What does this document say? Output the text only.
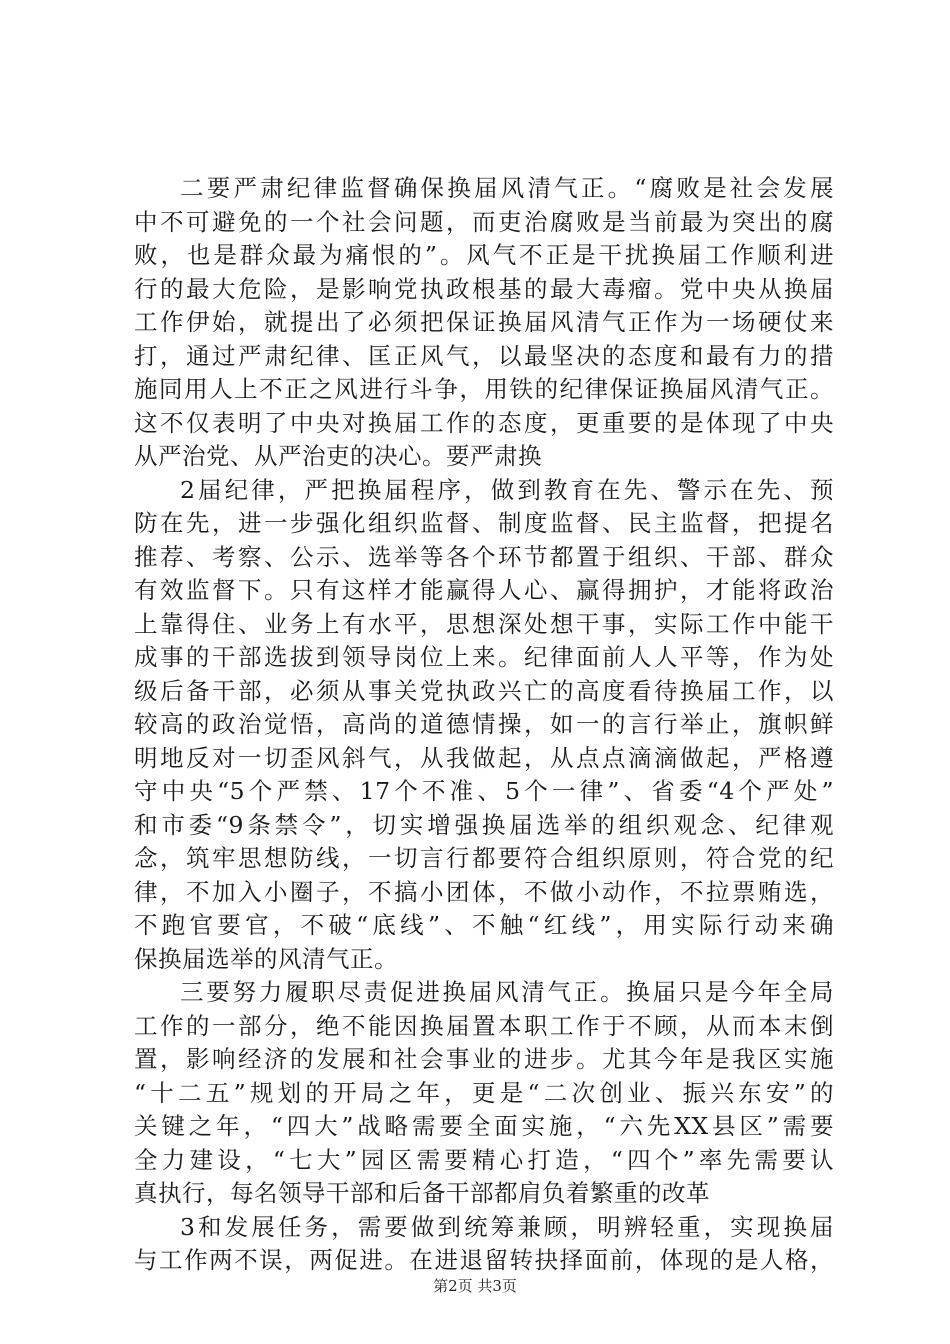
二要严肃纪律监督确保换届风清气正。“腐败是社会发展
中不可避免的一个社会问题，而吏治腐败是当前最为突出的腐
败，也是群众最为痛恨的”。风气不正是干扰换届工作顺利进
行的最大危险，是影响党执政根基的最大毒瘤。党中央从换届
工作伊始，就提出了必须把保证换届风清气正作为一场硬仗来
打，通过严肃纪律、匡正风气，以最坚决的态度和最有力的措
施同用人上不正之风进行斗争，用铁的纪律保证换届风清气正。
这不仅表明了中央对换届工作的态度，更重要的是体现了中央
从严治党、从严治吏的决心。要严肃换
2届纪律，严把换届程序，做到教育在先、警示在先、预
防在先，进一步强化组织监督、制度监督、民主监督，把提名
推荐、考察、公示、选举等各个环节都置于组织、干部、群众
有效监督下。只有这样才能赢得人心、赢得拥护，才能将政治
上靠得住、业务上有水平，思想深处想干事，实际工作中能干
成事的干部选拔到领导岗位上来。纪律面前人人平等，作为处
级后备干部，必须从事关党执政兴亡的高度看待换届工作，以
较高的政治觉悟，高尚的道德情操，如一的言行举止，旗帜鲜
明地反对一切歪风斜气，从我做起，从点点滴滴做起，严格遵
守中央“5个严禁、17个不准、5个一律”、省委“4个严处”
和市委“9条禁令”，切实增强换届选举的组织观念、纪律观
念，筑牢思想防线，一切言行都要符合组织原则，符合党的纪
律，不加入小圈子，不搞小团体，不做小动作，不拉票贿选，
不跑官要官，不破“底线”、不触“红线”，用实际行动来确
保换届选举的风清气正。
三要努力履职尽责促进换届风清气正。换届只是今年全局
工作的一部分，绝不能因换届置本职工作于不顾，从而本末倒
置，影响经济的发展和社会事业的进步。尤其今年是我区实施
“十二五”规划的开局之年，更是“二次创业、振兴东安”的
关键之年，“四大”战略需要全面实施，“六先XX县区”需要
全力建设，“七大”园区需要精心打造，“四个”率先需要认
真执行，每名领导干部和后备干部都肩负着繁重的改革
3和发展任务，需要做到统筹兼顾，明辨轻重，实现换届
与工作两不误，两促进。在进退留转抉择面前，体现的是人格，
第2页 共3页
